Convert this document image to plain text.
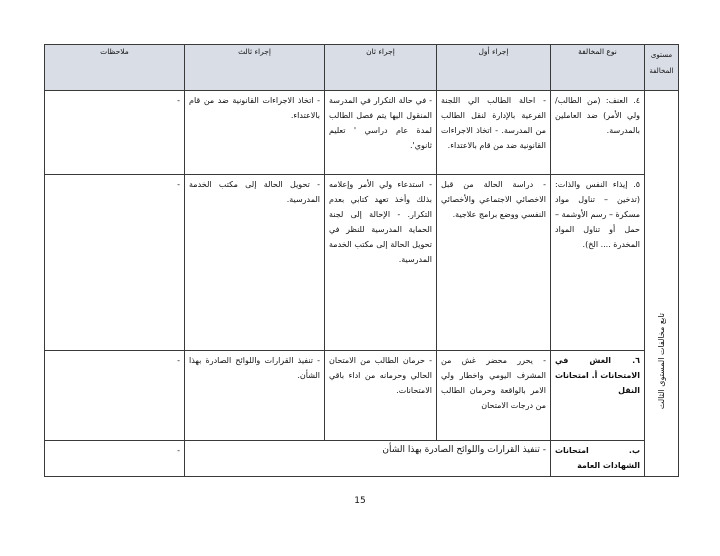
مستوى المخالفة	نوع المخالفة	إجراء أول	إجراء ثان	إجراء ثالث	ملاحظات

تابع مخالفات المستوى الثالث	٤. العنف: (من الطالب/ ولي الأمر) ضد العاملين بالمدرسة.	- احالة الطالب الي اللجنة الفرعية بالإدارة لنقل الطالب من المدرسة. - اتخاذ الاجراءات القانونية ضد من قام بالاعتداء.	- في حالة التكرار في المدرسة المنقول اليها يتم فصل الطالب لمدة عام دراسي ' تعليم ثانوي'.	- اتخاذ الاجراءات القانونية ضد من قام بالاعتداء.	-
	٥. إيذاء النفس والذات:(تدخين – تناول مواد مسكرة – رسم الأوشمة – حمل أو تناول المواد المخدرة .... الخ).	- دراسة الحالة من قبل الاخصائي الاجتماعي والأخصائي النفسي ووضع برامج علاجية.	- استدعاء ولي الأمر وإعلامه بذلك وأخذ تعهد كتابي بعدم التكرار. - الإحالة إلى لجنة الحماية المدرسية للنظر في تحويل الحالة إلى مكتب الخدمة المدرسية.	- تحويل الحالة إلى مكتب الخدمة المدرسية.	-
	٦. الغش في الامتحانات أ. امتحانات النقل	- يحرر محضر غش من المشرف اليومي واخطار ولي الامر بالواقعة وحرمان الطالب من درجات الامتحان	- حرمان الطالب من الامتحان الحالي وحرمانه من اداء باقي الامتحانات.	- تنفيذ القرارات واللوائح الصادرة بهذا الشأن.	-
	ب. امتحانات الشهادات العامة	- تنفيذ القرارات واللوائح الصادرة بهذا الشأن			-
15
